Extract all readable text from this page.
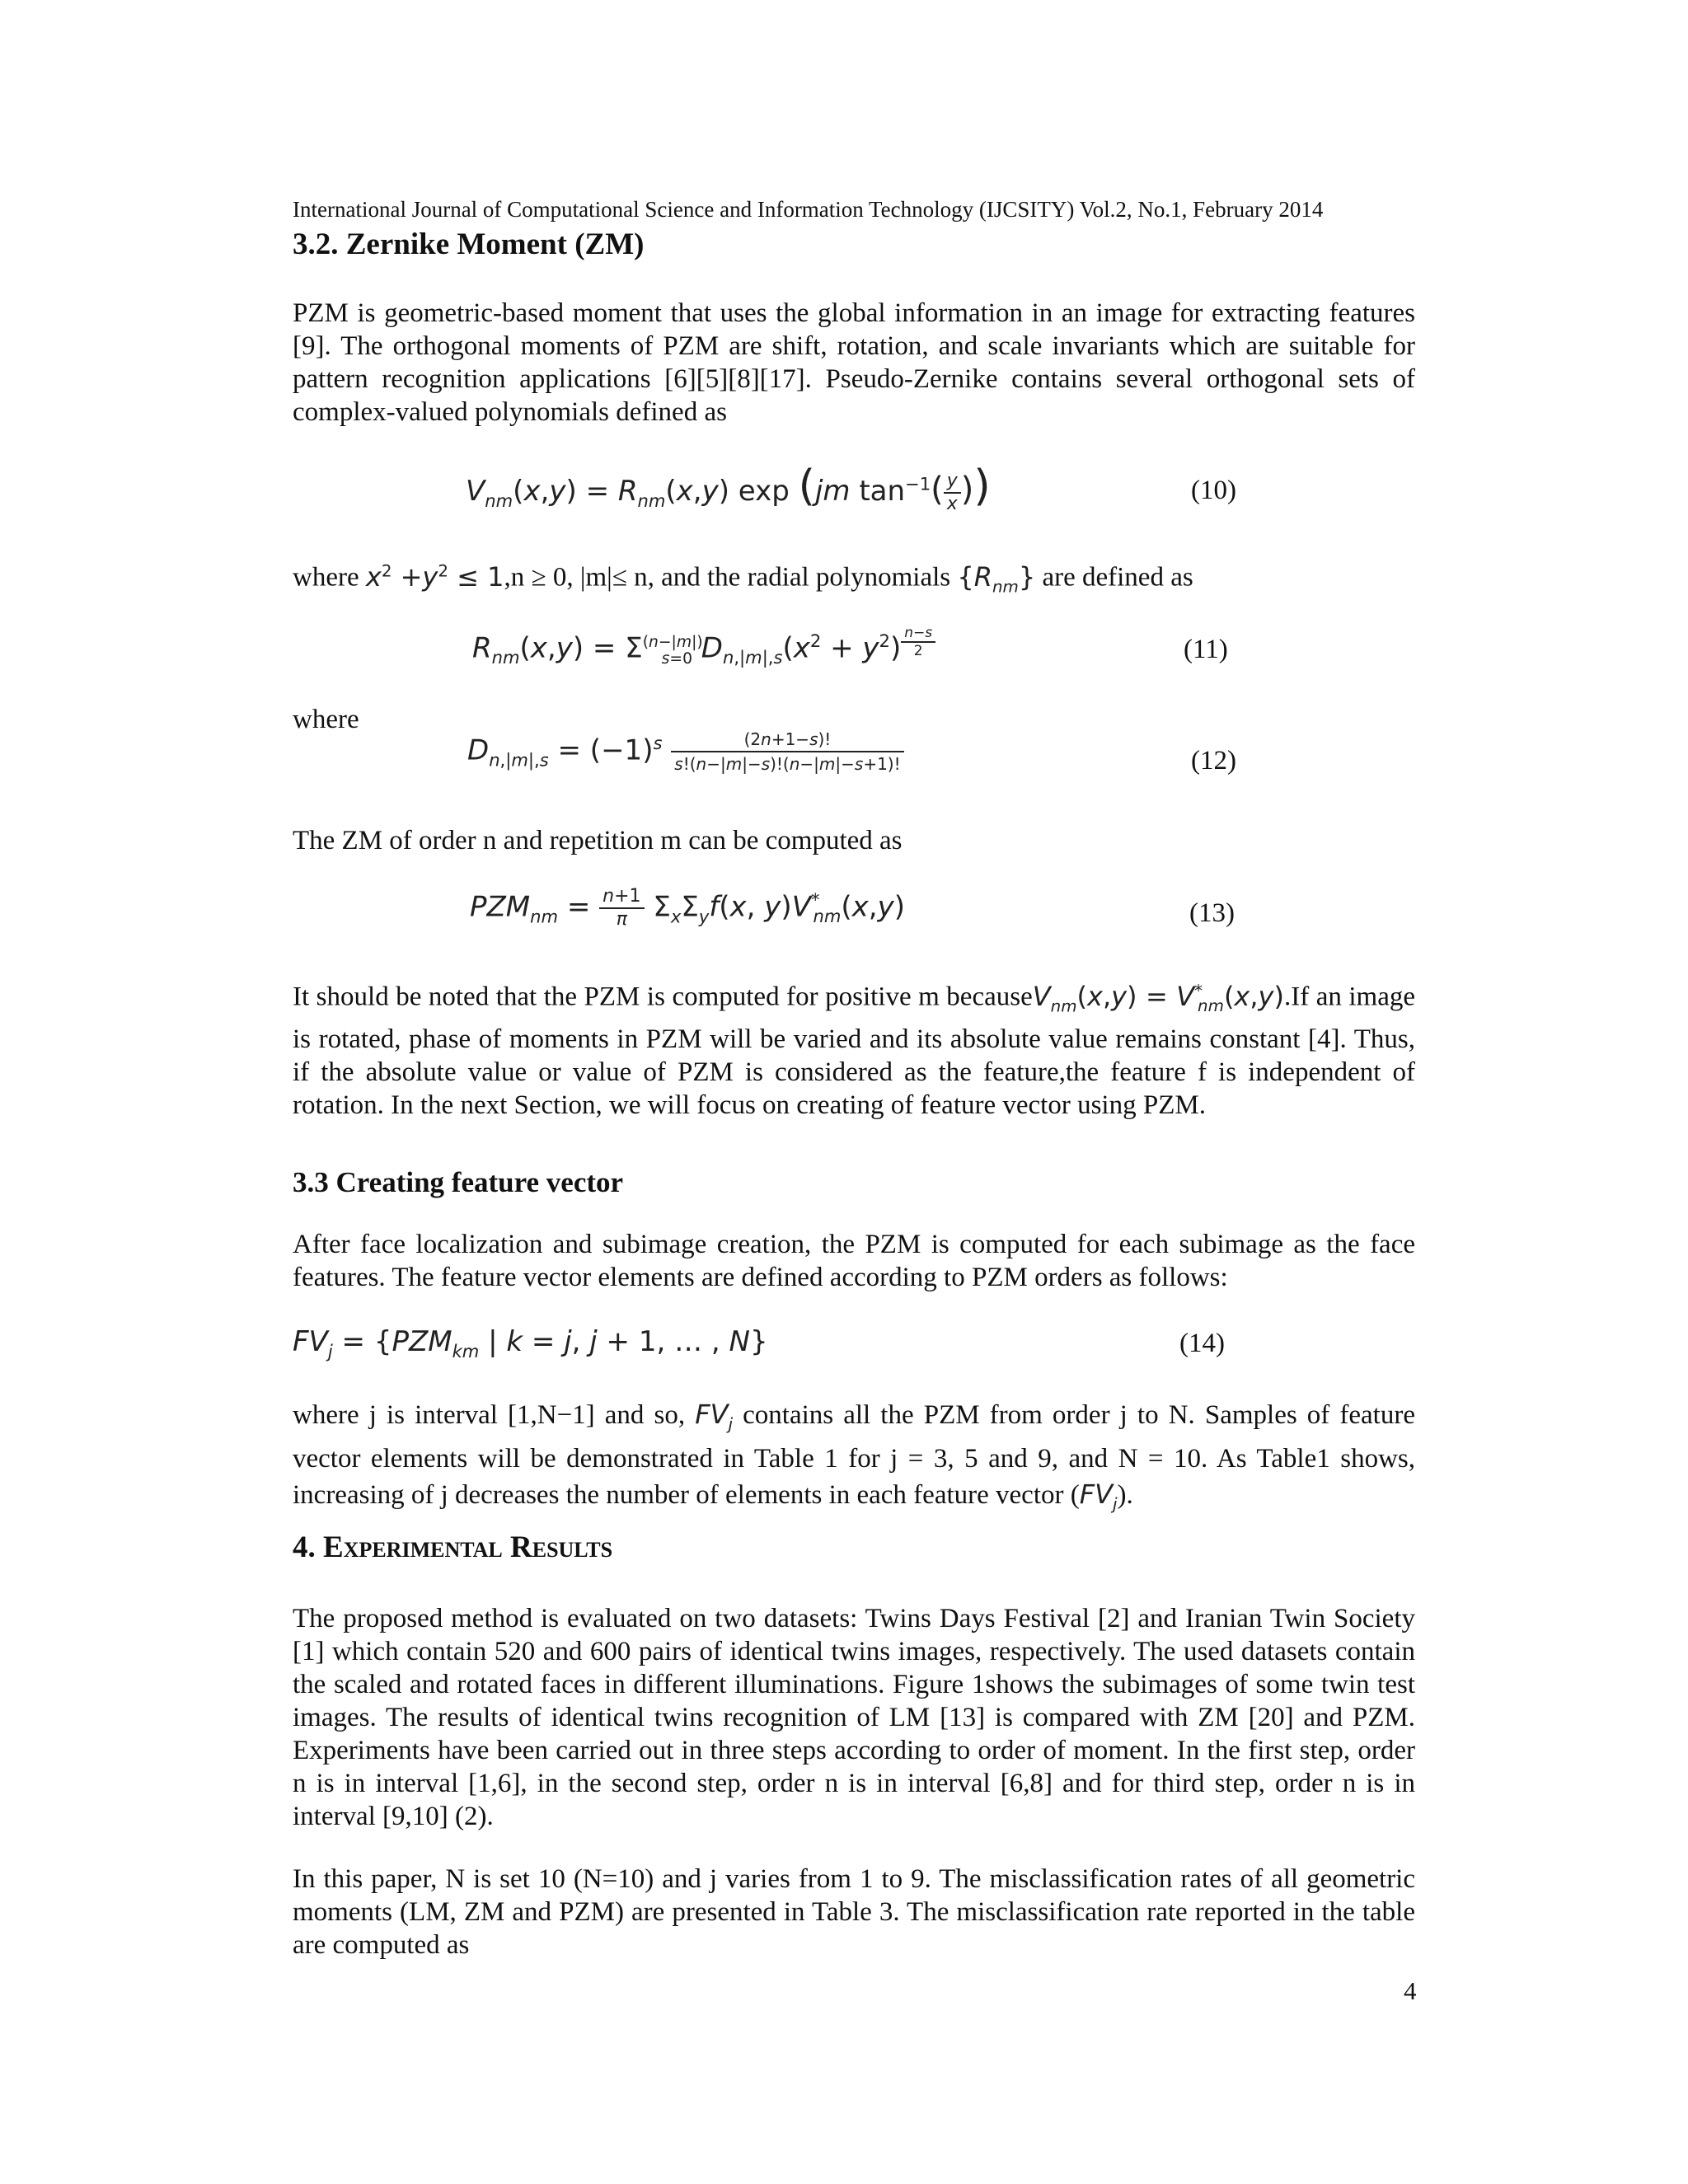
International Journal of Computational Science and Information Technology (IJCSITY) Vol.2, No.1, February 2014
3.2. Zernike Moment (ZM)
PZM is geometric-based moment that uses the global information in an image for extracting features [9]. The orthogonal moments of PZM are shift, rotation, and scale invariants which are suitable for pattern recognition applications [6][5][8][17]. Pseudo-Zernike contains several orthogonal sets of complex-valued polynomials defined as
$V_{nm}(x,y) = R_{nm}(x,y)$ exp (jm $\tan^{-1}( \frac{y}{x}$ ))	(10)
where $x^2 +y^2 \le 1,n \ge 0$, |m|≤ n, and the radial polynomials $\{R_{nm}\}$ are defined as
$R_{nm}(x,y) = \Sigma^{(n-|m|)}_{s=0}$ $D_{n,|m|,s}(x^2 + y^2)$ $^{\frac{n-s}{2}}$	(11)
where
$D_{n,|m|,s} = (-1)^s \frac{(2n+1-s)!}{s!(n-|m|-s)!(n-|m|-s+1)!}$	(12)
The ZM of order n and repetition m can be computed as
$PZM_{nm} = \frac{n+1}{\pi} \Sigma_x\Sigma_yf(x$, $y)V^*_{nm}(x,y)$	(13)
It should be noted that the PZM is computed for positive m becauseV$_{nm}$(x,y) = $V^*_{nm}(x,y).If$ an image is rotated, phase of moments in PZM will be varied and its absolute value remains constant [4]. Thus, if the absolute value or value of PZM is considered as the feature,the feature f is independent of rotation. In the next Section, we will focus on creating of feature vector using PZM.
3.3 Creating feature vector
After face localization and subimage creation, the PZM is computed for each subimage as the face features. The feature vector elements are defined according to PZM orders as follows:
$FV_j = \{PZM_{km}$ | k = j, j + 1, … , N}	(14)
where j is interval [1,N−1] and so, $FV_j$ contains all the PZM from order j to N. Samples of feature vector elements will be demonstrated in Table 1 for j = 3, 5 and 9, and N = 10. As Table1 shows, increasing of j decreases the number of elements in each feature vector $(FV_j)$.
4. Experimental Results
The proposed method is evaluated on two datasets: Twins Days Festival [2] and Iranian Twin Society [1] which contain 520 and 600 pairs of identical twins images, respectively. The used datasets contain the scaled and rotated faces in different illuminations. Figure 1shows the subimages of some twin test images. The results of identical twins recognition of LM [13] is compared with ZM [20] and PZM. Experiments have been carried out in three steps according to order of moment. In the first step, order n is in interval [1,6], in the second step, order n is in interval [6,8] and for third step, order n is in interval [9,10] (2).
In this paper, N is set 10 (N=10) and j varies from 1 to 9. The misclassification rates of all geometric moments (LM, ZM and PZM) are presented in Table 3. The misclassification rate reported in the table are computed as
4
